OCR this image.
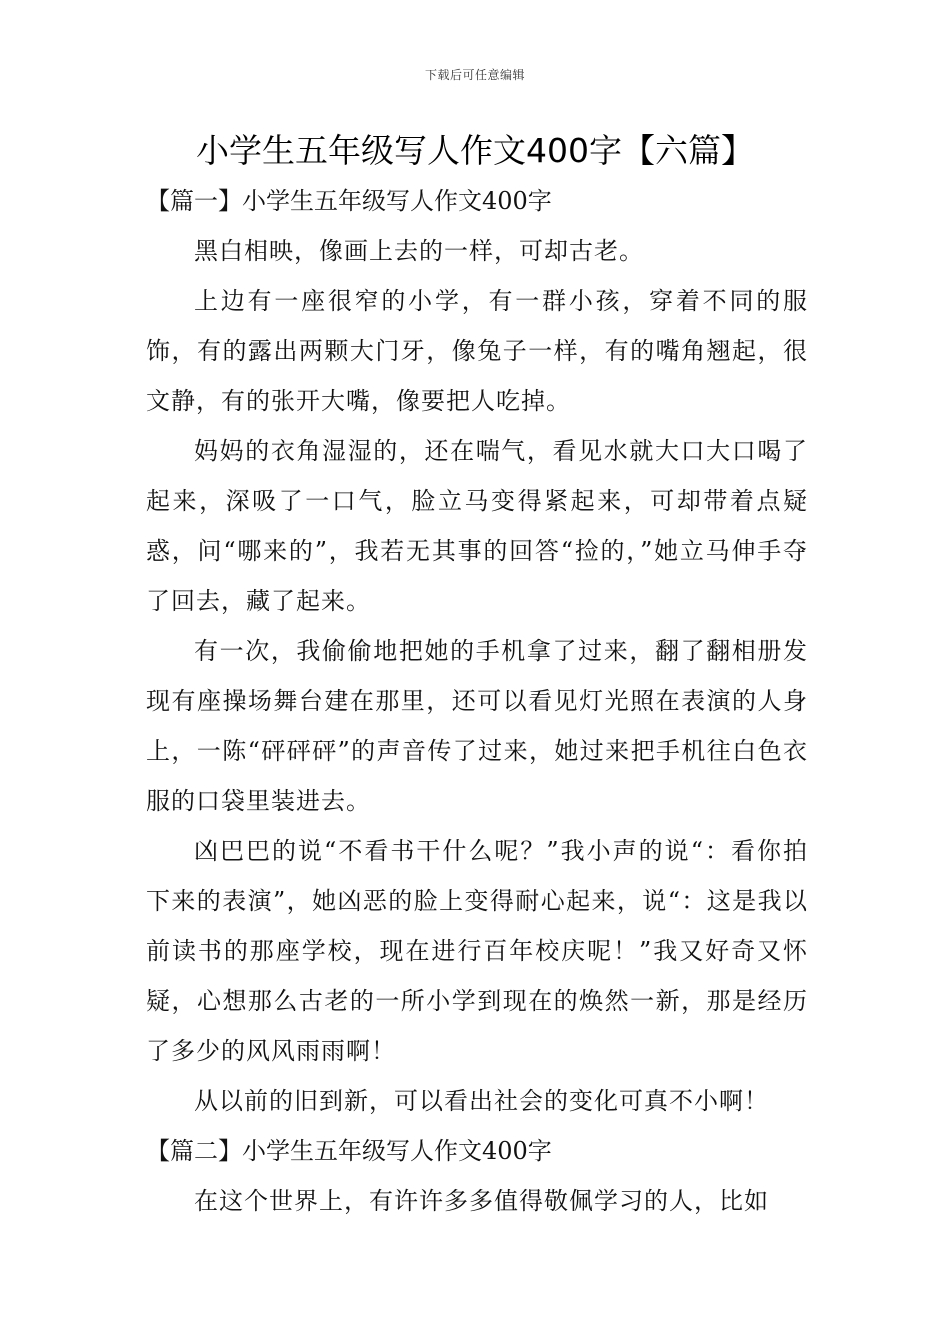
下载后可任意编辑
小学生五年级写人作文400字【六篇】
【篇一】小学生五年级写人作文400字

黑白相映，像画上去的一样，可却古老。

上边有一座很窄的小学，有一群小孩，穿着不同的服饰，有的露出两颗大门牙，像兔子一样，有的嘴角翘起，很文静，有的张开大嘴，像要把人吃掉。

妈妈的衣角湿湿的，还在喘气，看见水就大口大口喝了起来，深吸了一口气，脸立马变得紧起来，可却带着点疑惑，问“哪来的”，我若无其事的回答“捡的，”她立马伸手夺了回去，藏了起来。

有一次，我偷偷地把她的手机拿了过来，翻了翻相册发现有座操场舞台建在那里，还可以看见灯光照在表演的人身上，一陈“砰砰砰”的声音传了过来，她过来把手机往白色衣服的口袋里装进去。

凶巴巴的说“不看书干什么呢？”我小声的说“：看你拍下来的表演”，她凶恶的脸上变得耐心起来，说“：这是我以前读书的那座学校，现在进行百年校庆呢！”我又好奇又怀疑，心想那么古老的一所小学到现在的焕然一新，那是经历了多少的风风雨雨啊！

从以前的旧到新，可以看出社会的变化可真不小啊！

【篇二】小学生五年级写人作文400字

在这个世界上，有许许多多值得敬佩学习的人，比如
